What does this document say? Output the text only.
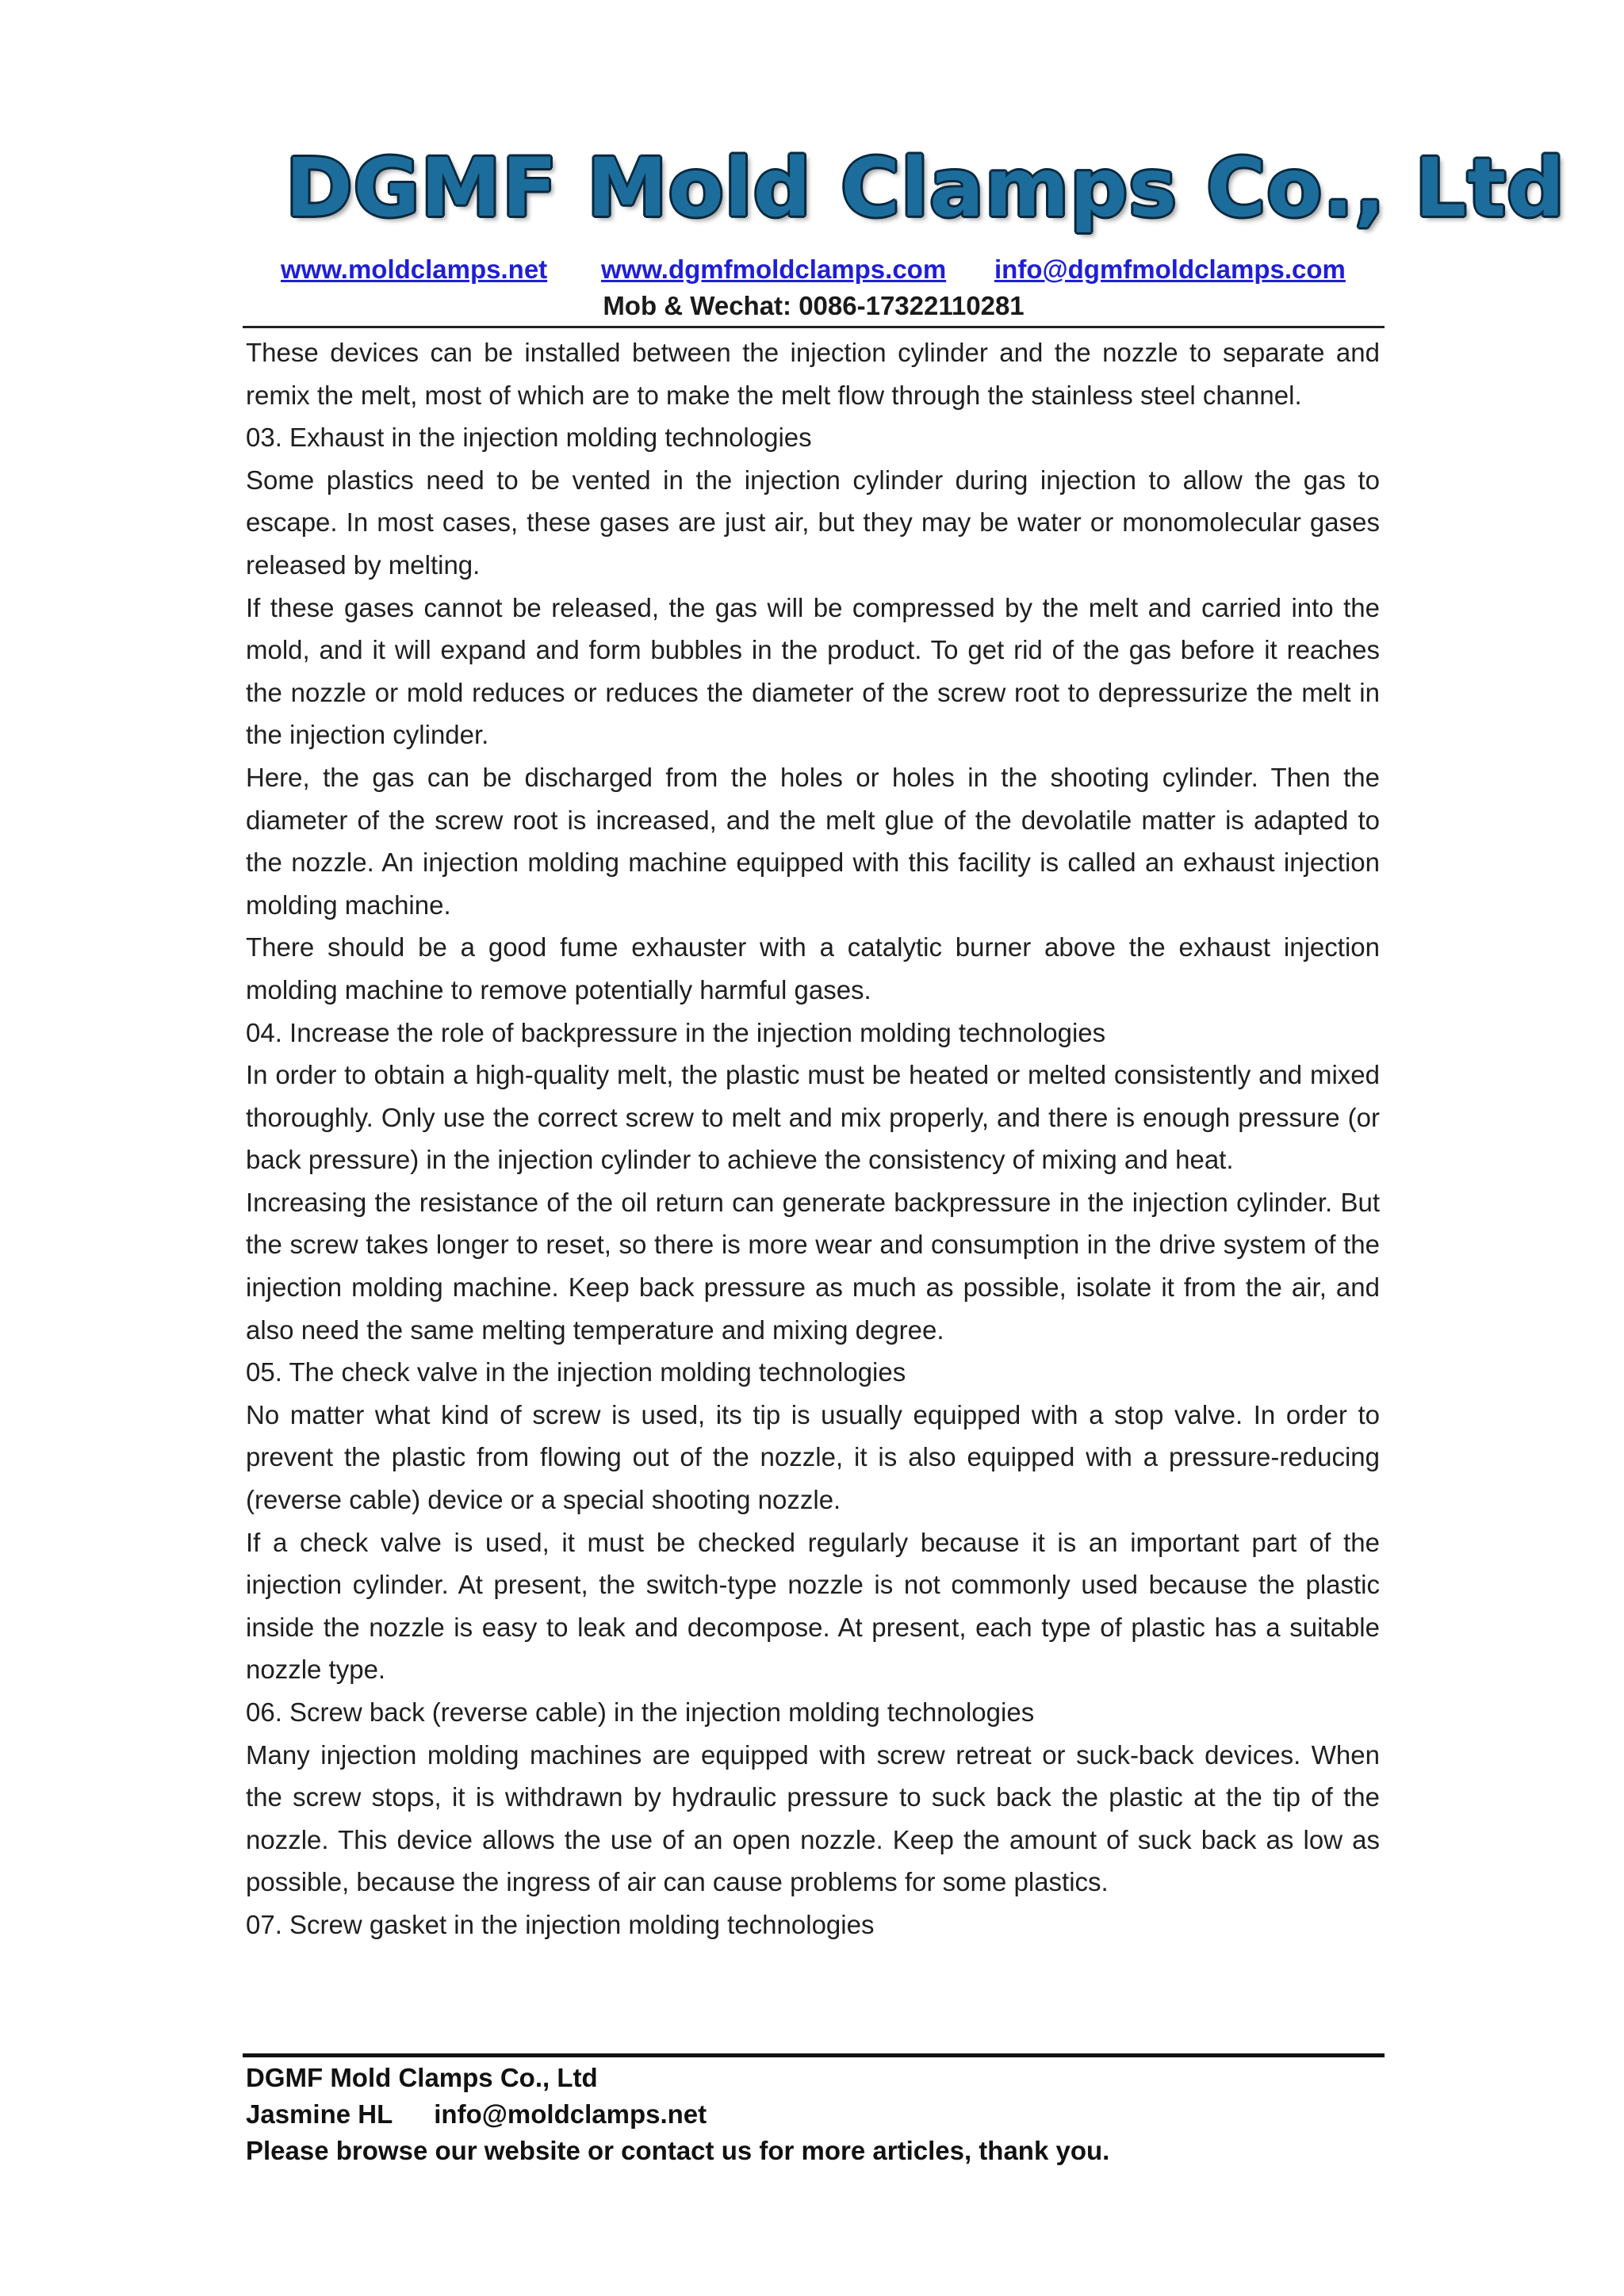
DGMF Mold Clamps Co., Ltd
www.moldclamps.net www.dgmfmoldclamps.com info@dgmfmoldclamps.com
Mob & Wechat: 0086-17322110281

These devices can be installed between the injection cylinder and the nozzle to separate and remix the melt, most of which are to make the melt flow through the stainless steel channel.

03. Exhaust in the injection molding technologies

Some plastics need to be vented in the injection cylinder during injection to allow the gas to escape. In most cases, these gases are just air, but they may be water or monomolecular gases released by melting.

If these gases cannot be released, the gas will be compressed by the melt and carried into the mold, and it will expand and form bubbles in the product. To get rid of the gas before it reaches the nozzle or mold reduces or reduces the diameter of the screw root to depressurize the melt in the injection cylinder.

Here, the gas can be discharged from the holes or holes in the shooting cylinder. Then the diameter of the screw root is increased, and the melt glue of the devolatile matter is adapted to the nozzle. An injection molding machine equipped with this facility is called an exhaust injection molding machine.

There should be a good fume exhauster with a catalytic burner above the exhaust injection molding machine to remove potentially harmful gases.

04. Increase the role of backpressure in the injection molding technologies

In order to obtain a high-quality melt, the plastic must be heated or melted consistently and mixed thoroughly. Only use the correct screw to melt and mix properly, and there is enough pressure (or back pressure) in the injection cylinder to achieve the consistency of mixing and heat.

Increasing the resistance of the oil return can generate backpressure in the injection cylinder. But the screw takes longer to reset, so there is more wear and consumption in the drive system of the injection molding machine. Keep back pressure as much as possible, isolate it from the air, and also need the same melting temperature and mixing degree.

05. The check valve in the injection molding technologies

No matter what kind of screw is used, its tip is usually equipped with a stop valve. In order to prevent the plastic from flowing out of the nozzle, it is also equipped with a pressure-reducing (reverse cable) device or a special shooting nozzle.

If a check valve is used, it must be checked regularly because it is an important part of the injection cylinder. At present, the switch-type nozzle is not commonly used because the plastic inside the nozzle is easy to leak and decompose. At present, each type of plastic has a suitable nozzle type.

06. Screw back (reverse cable) in the injection molding technologies

Many injection molding machines are equipped with screw retreat or suck-back devices. When the screw stops, it is withdrawn by hydraulic pressure to suck back the plastic at the tip of the nozzle. This device allows the use of an open nozzle. Keep the amount of suck back as low as possible, because the ingress of air can cause problems for some plastics.

07. Screw gasket in the injection molding technologies

DGMF Mold Clamps Co., Ltd
Jasmine HL info@moldclamps.net
Please browse our website or contact us for more articles, thank you.
